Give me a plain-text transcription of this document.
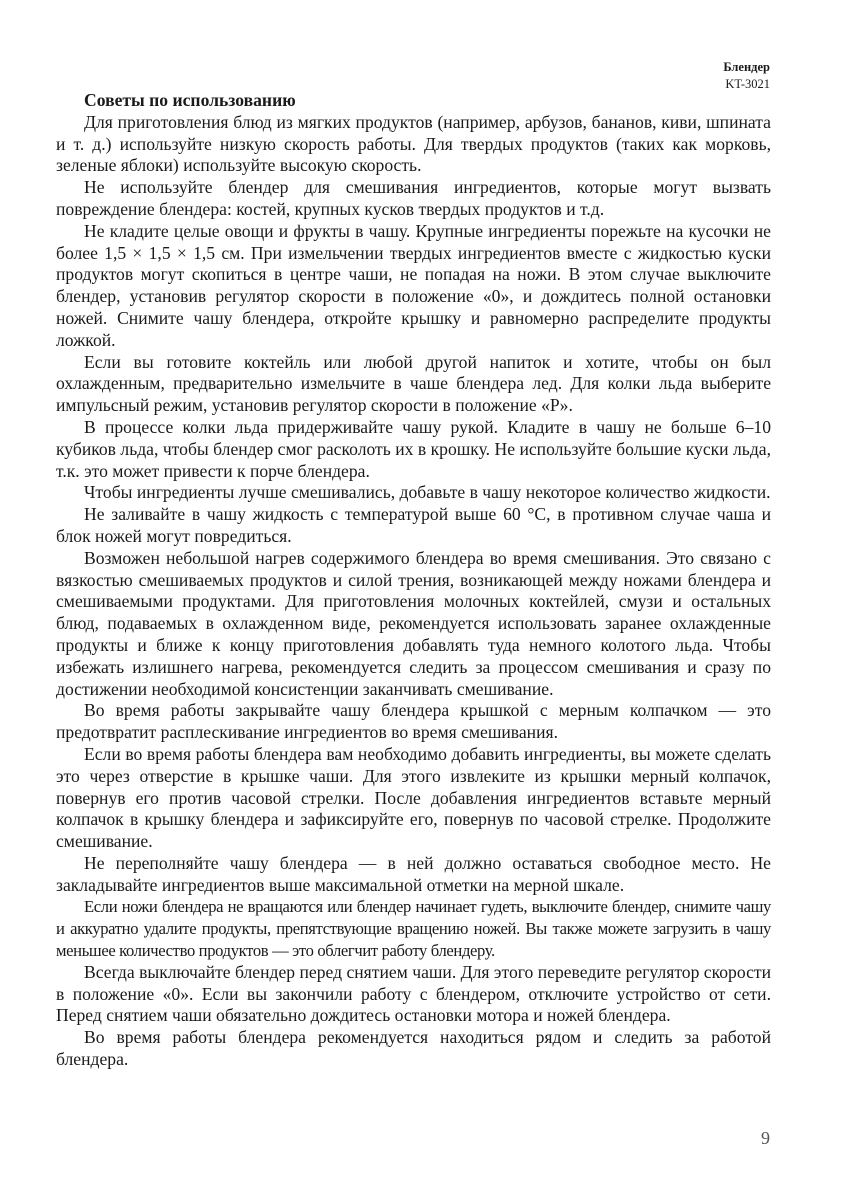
Блендер
KT-3021

Советы по использованию

Для приготовления блюд из мягких продуктов (например, арбузов, бананов, киви, шпината и т. д.) используйте низкую скорость работы. Для твердых продуктов (таких как морковь, зеленые яблоки) используйте высокую скорость.

Не используйте блендер для смешивания ингредиентов, которые могут вызвать повреждение блендера: костей, крупных кусков твердых продуктов и т.д.

Не кладите целые овощи и фрукты в чашу. Крупные ингредиенты порежьте на кусочки не более 1,5 × 1,5 × 1,5 см. При измельчении твердых ингредиентов вместе с жидкостью куски продуктов могут скопиться в центре чаши, не попадая на ножи. В этом случае выключите блендер, установив регулятор скорости в положение «0», и дождитесь полной остановки ножей. Снимите чашу блендера, откройте крышку и равномерно распределите продукты ложкой.

Если вы готовите коктейль или любой другой напиток и хотите, чтобы он был охлажденным, предварительно измельчите в чаше блендера лед. Для колки льда выберите импульсный режим, установив регулятор скорости в положение «P».

В процессе колки льда придерживайте чашу рукой. Кладите в чашу не больше 6–10 кубиков льда, чтобы блендер смог расколоть их в крошку. Не используйте большие куски льда, т.к. это может привести к порче блендера.

Чтобы ингредиенты лучше смешивались, добавьте в чашу некоторое количество жидкости.

Не заливайте в чашу жидкость с температурой выше 60 °C, в противном случае чаша и блок ножей могут повредиться.

Возможен небольшой нагрев содержимого блендера во время смешивания. Это связано с вязкостью смешиваемых продуктов и силой трения, возникающей между ножами блендера и смешиваемыми продуктами. Для приготовления молочных коктейлей, смузи и остальных блюд, подаваемых в охлажденном виде, рекомендуется использовать заранее охлажденные продукты и ближе к концу приготовления добавлять туда немного колотого льда. Чтобы избежать излишнего нагрева, рекомендуется следить за процессом смешивания и сразу по достижении необходимой консистенции заканчивать смешивание.

Во время работы закрывайте чашу блендера крышкой с мерным колпачком — это предотвратит расплескивание ингредиентов во время смешивания.

Если во время работы блендера вам необходимо добавить ингредиенты, вы можете сделать это через отверстие в крышке чаши. Для этого извлеките из крышки мерный колпачок, повернув его против часовой стрелки. После добавления ингредиентов вставьте мерный колпачок в крышку блендера и зафиксируйте его, повернув по часовой стрелке. Продолжите смешивание.

Не переполняйте чашу блендера — в ней должно оставаться свободное место. Не закладывайте ингредиентов выше максимальной отметки на мерной шкале.

Если ножи блендера не вращаются или блендер начинает гудеть, выключите блендер, снимите чашу и аккуратно удалите продукты, препятствующие вращению ножей. Вы также можете загрузить в чашу меньшее количество продуктов — это облегчит работу блендеру.

Всегда выключайте блендер перед снятием чаши. Для этого переведите регулятор скорости в положение «0». Если вы закончили работу с блендером, отключите устройство от сети. Перед снятием чаши обязательно дождитесь остановки мотора и ножей блендера.

Во время работы блендера рекомендуется находиться рядом и следить за работой блендера.

9
